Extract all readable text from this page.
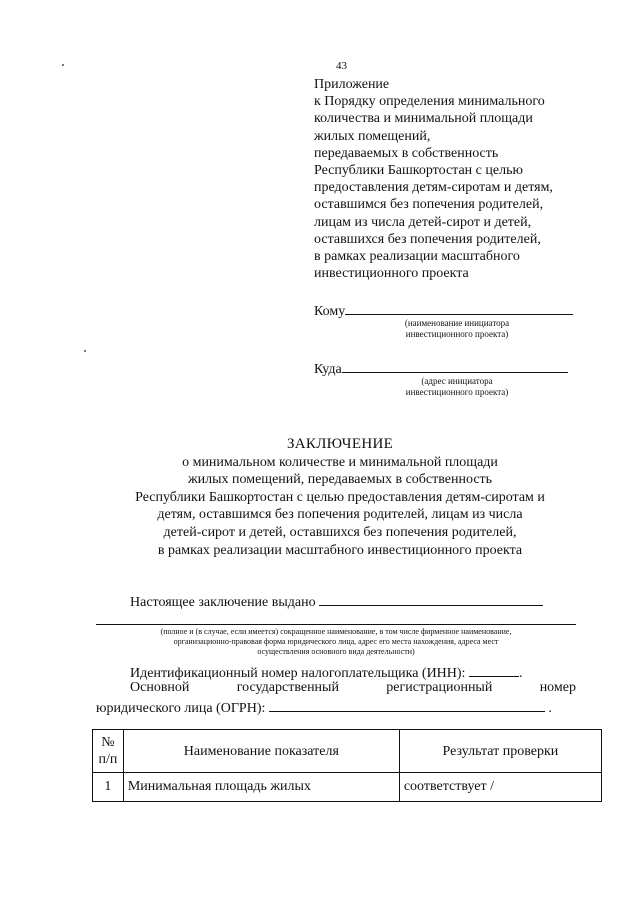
43
Приложение
к Порядку определения минимального
количества и минимальной площади
жилых помещений,
передаваемых в собственность
Республики Башкортостан с целью
предоставления детям-сиротам и детям,
оставшимся без попечения родителей,
лицам из числа детей-сирот и детей,
оставшихся без попечения родителей,
в рамках реализации масштабного
инвестиционного проекта
Кому
(наименование инициатора
инвестиционного проекта)
Куда
(адрес инициатора
инвестиционного проекта)
ЗАКЛЮЧЕНИЕ
о минимальном количестве и минимальной площади
жилых помещений, передаваемых в собственность
Республики Башкортостан с целью предоставления детям-сиротам и
детям, оставшимся без попечения родителей, лицам из числа
детей-сирот и детей, оставшихся без попечения родителей,
в рамках реализации масштабного инвестиционного проекта
Настоящее заключение выдано
(полное и (в случае, если имеется) сокращенное наименование, в том числе фирменное наименование,
организационно-правовая форма юридического лица, адрес его места нахождения, адреса мест
осуществления основного вида деятельности)
Идентификационный номер налогоплательщика (ИНН):	.
Основной	государственный	регистрационный	номер
юридического лица (ОГРН):	.
№
п/п	Наименование показателя	Результат проверки
1	Минимальная площадь жилых	соответствует /
